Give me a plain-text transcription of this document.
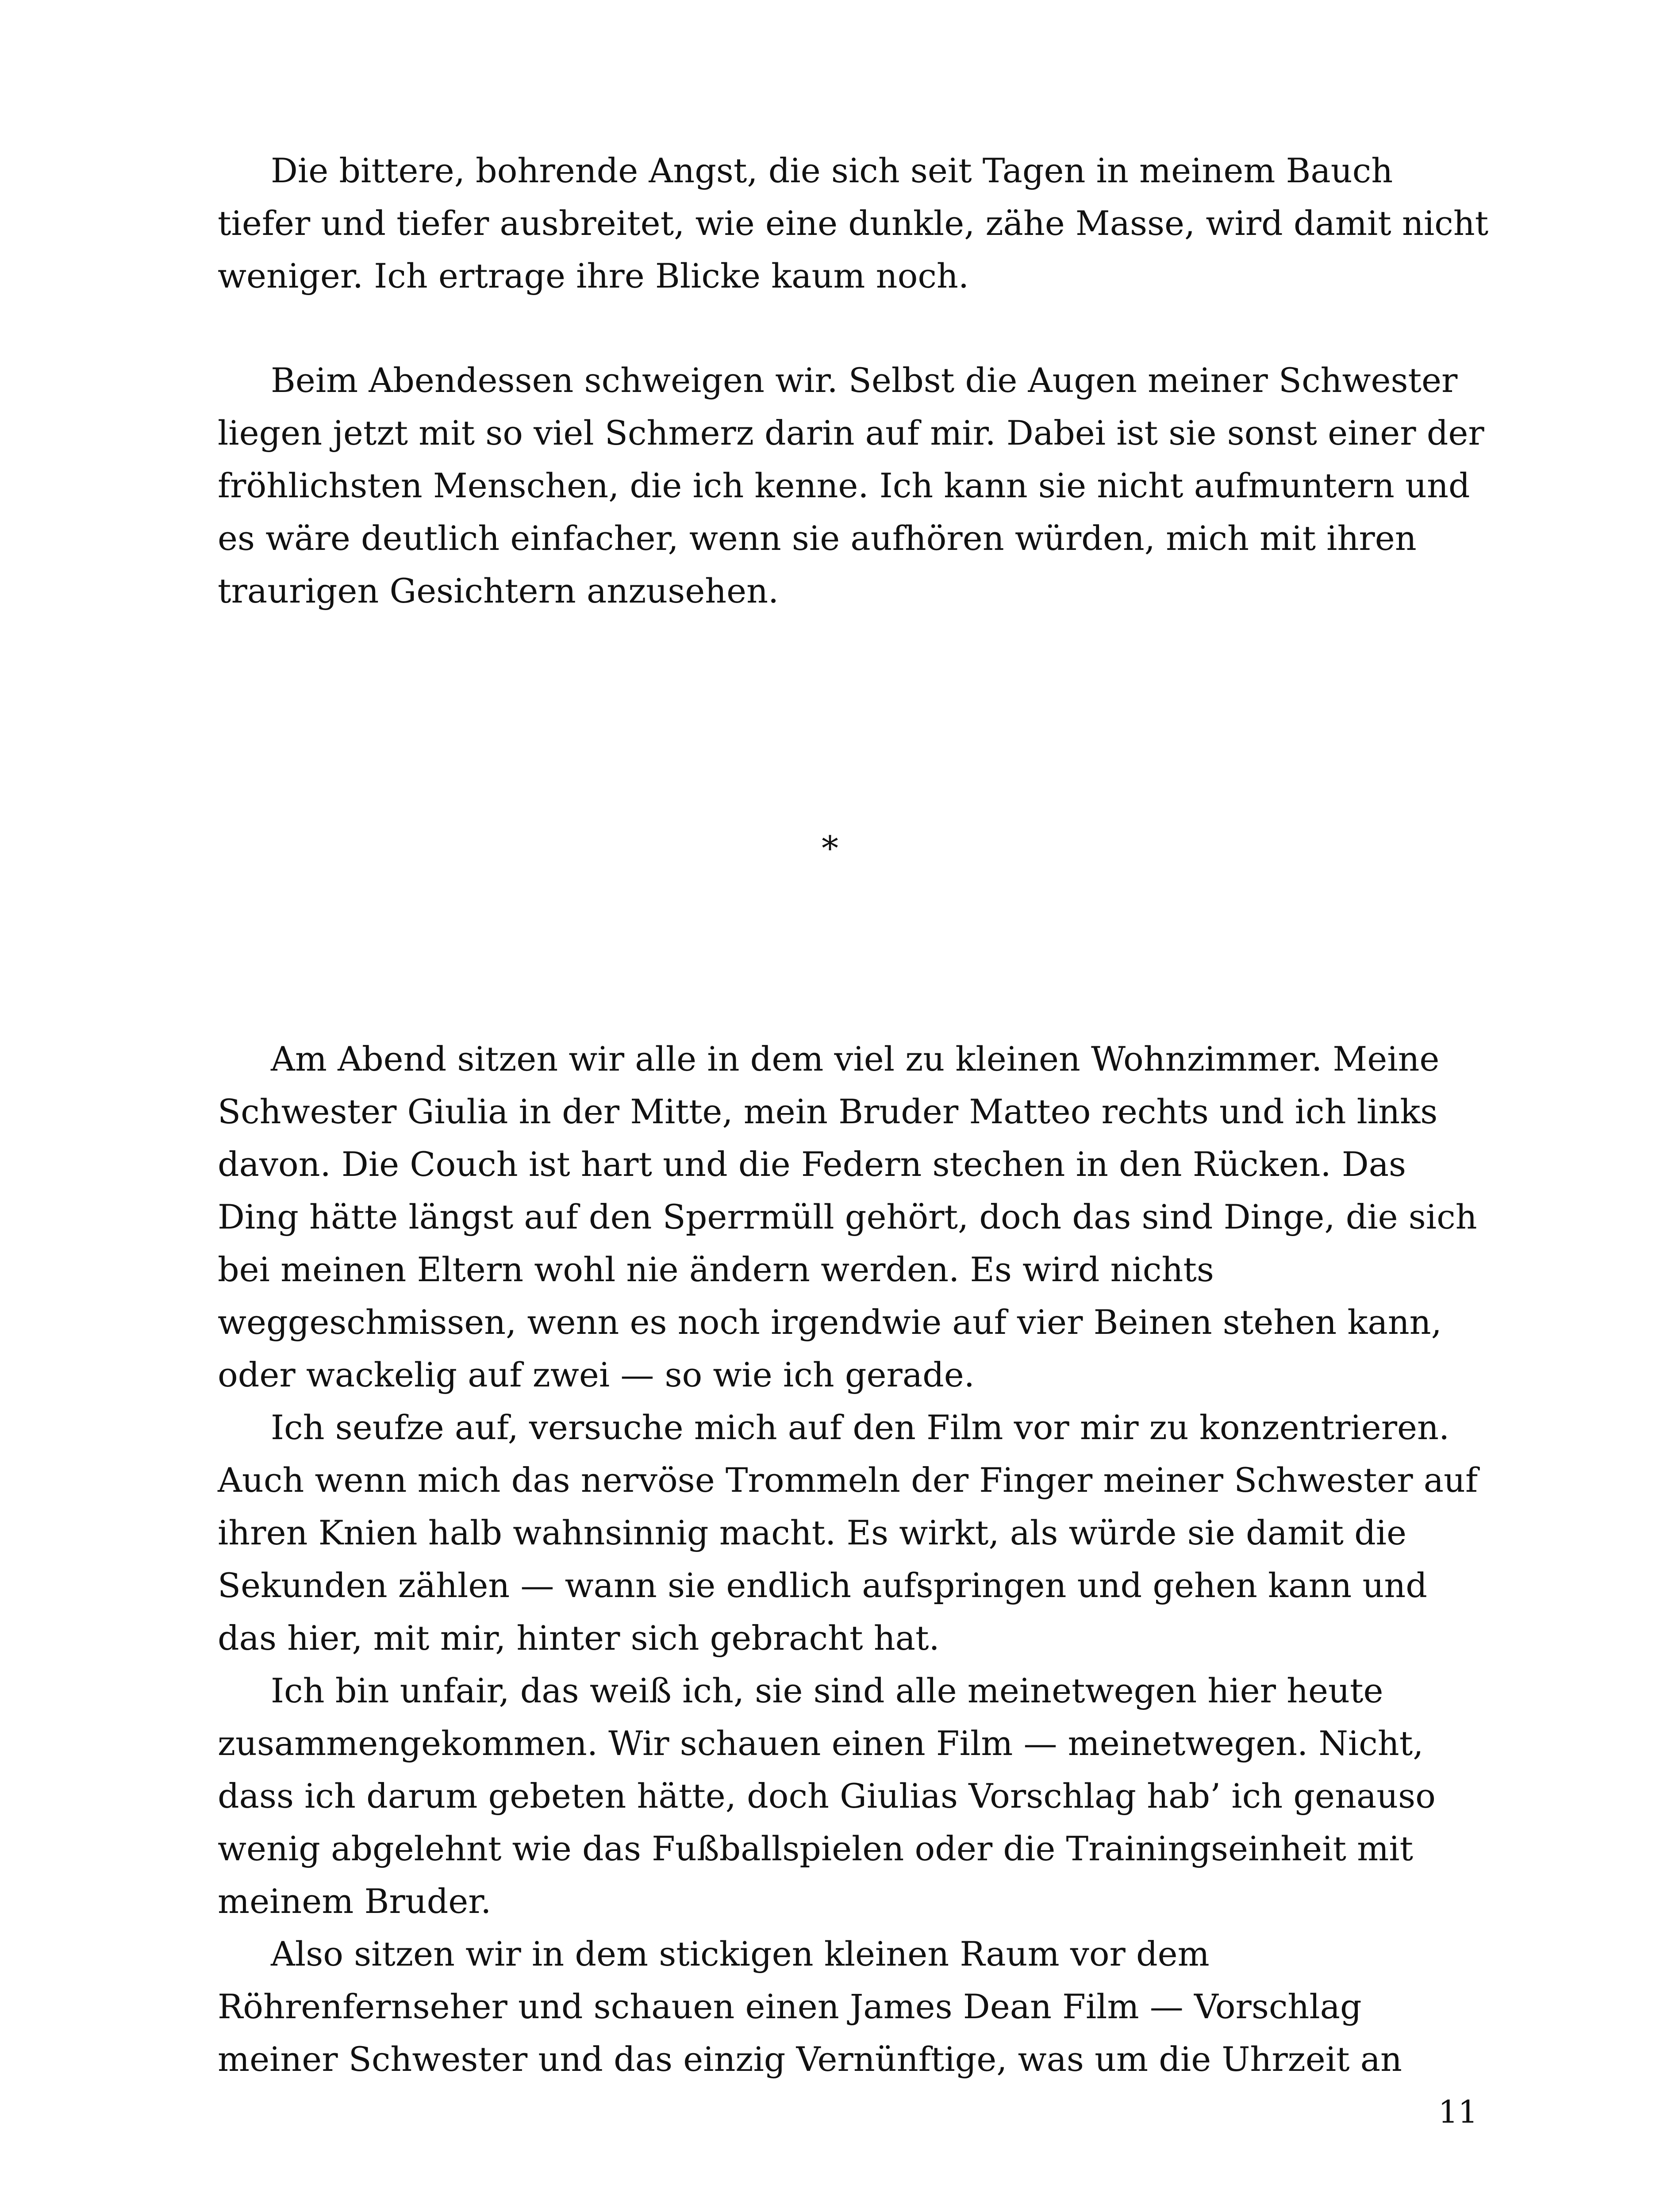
Die bittere, bohrende Angst, die sich seit Tagen in meinem Bauch tiefer und tiefer ausbreitet, wie eine dunkle, zähe Masse, wird damit nicht weniger. Ich ertrage ihre Blicke kaum noch.

Beim Abendessen schweigen wir. Selbst die Augen meiner Schwester liegen jetzt mit so viel Schmerz darin auf mir. Dabei ist sie sonst einer der fröhlichsten Menschen, die ich kenne. Ich kann sie nicht aufmuntern und es wäre deutlich einfacher, wenn sie aufhören würden, mich mit ihren traurigen Gesichtern anzusehen.

*

Am Abend sitzen wir alle in dem viel zu kleinen Wohnzimmer. Meine Schwester Giulia in der Mitte, mein Bruder Matteo rechts und ich links davon. Die Couch ist hart und die Federn stechen in den Rücken. Das Ding hätte längst auf den Sperrmüll gehört, doch das sind Dinge, die sich bei meinen Eltern wohl nie ändern werden. Es wird nichts weggeschmissen, wenn es noch irgendwie auf vier Beinen stehen kann, oder wackelig auf zwei — so wie ich gerade.

Ich seufze auf, versuche mich auf den Film vor mir zu konzentrieren. Auch wenn mich das nervöse Trommeln der Finger meiner Schwester auf ihren Knien halb wahnsinnig macht. Es wirkt, als würde sie damit die Sekunden zählen — wann sie endlich aufspringen und gehen kann und das hier, mit mir, hinter sich gebracht hat.

Ich bin unfair, das weiß ich, sie sind alle meinetwegen hier heute zusammengekommen. Wir schauen einen Film — meinetwegen. Nicht, dass ich darum gebeten hätte, doch Giulias Vorschlag hab’ ich genauso wenig abgelehnt wie das Fußballspielen oder die Trainingseinheit mit meinem Bruder.

Also sitzen wir in dem stickigen kleinen Raum vor dem Röhrenfernseher und schauen einen James Dean Film — Vorschlag meiner Schwester und das einzig Vernünftige, was um die Uhrzeit an

11
